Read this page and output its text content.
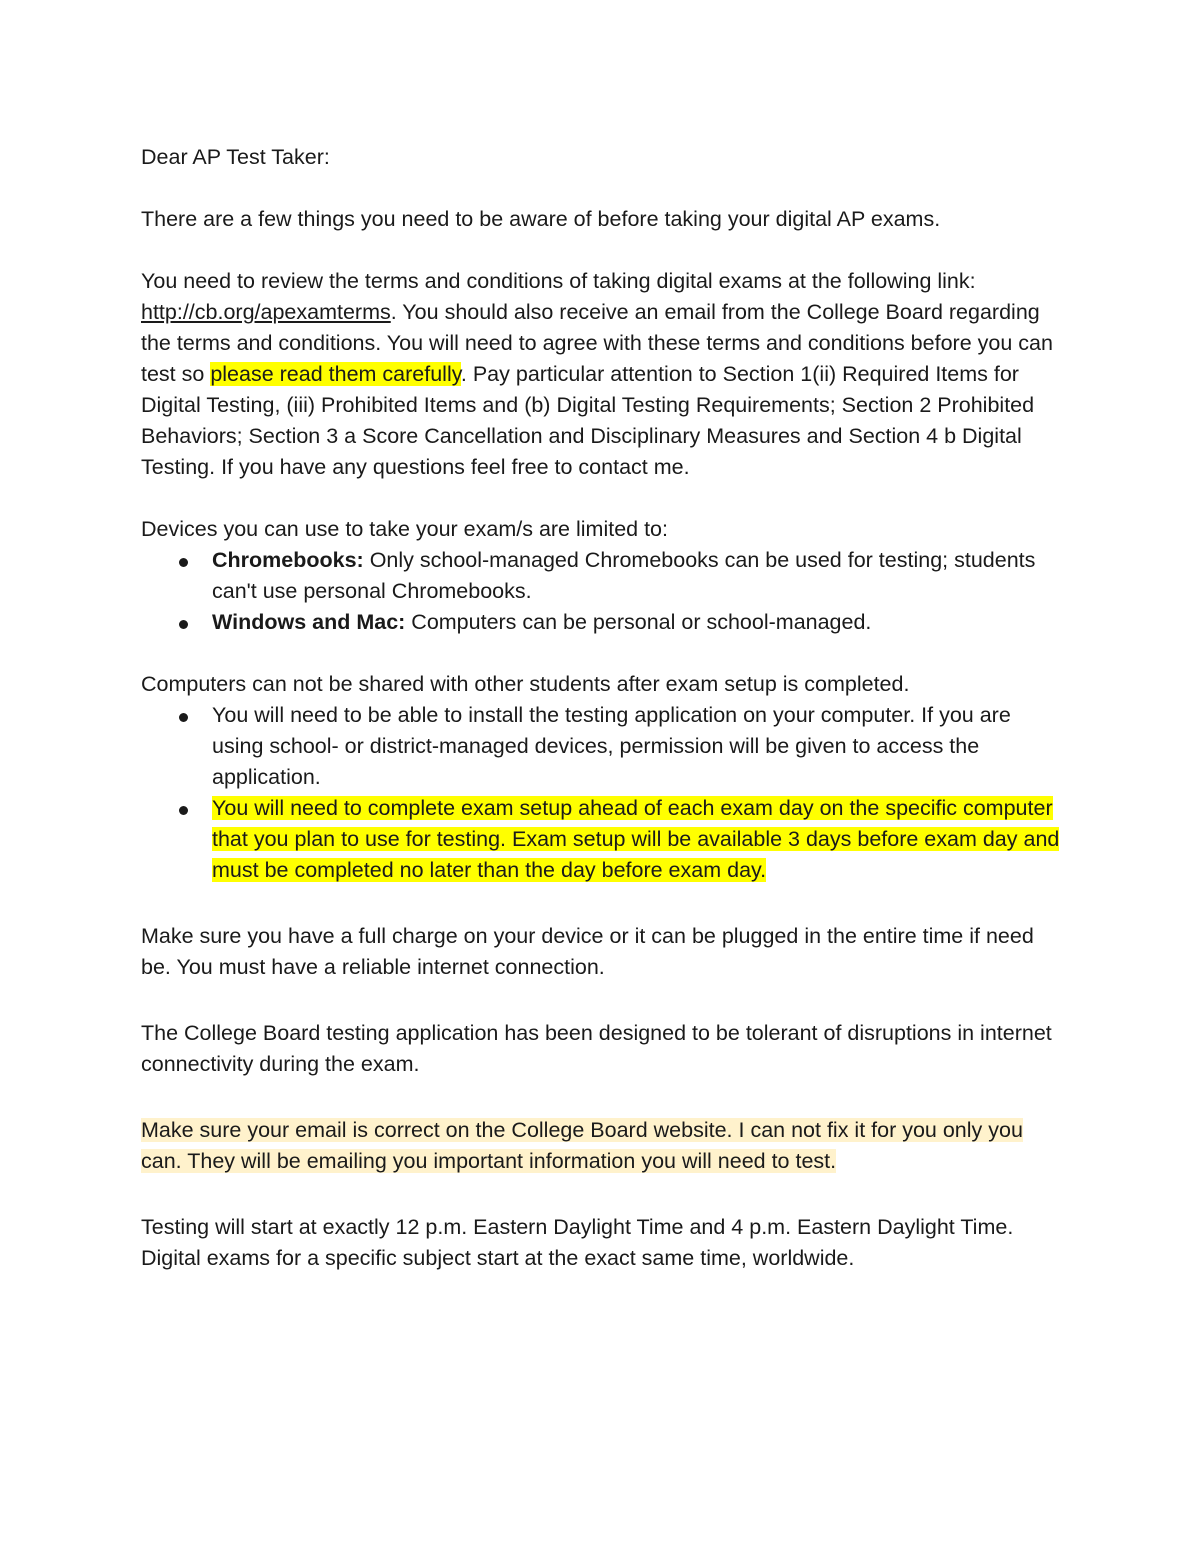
Dear AP Test Taker:

There are a few things you need to be aware of before taking your digital AP exams.

You need to review the terms and conditions of taking digital exams at the following link: http://cb.org/apexamterms. You should also receive an email from the College Board regarding the terms and conditions. You will need to agree with these terms and conditions before you can test so please read them carefully. Pay particular attention to Section 1(ii) Required Items for Digital Testing, (iii) Prohibited Items and (b) Digital Testing Requirements; Section 2 Prohibited Behaviors; Section 3 a Score Cancellation and Disciplinary Measures and Section 4 b Digital Testing. If you have any questions feel free to contact me.

Devices you can use to take your exam/s are limited to:

Chromebooks: Only school-managed Chromebooks can be used for testing; students can't use personal Chromebooks.
Windows and Mac: Computers can be personal or school-managed.

Computers can not be shared with other students after exam setup is completed.

You will need to be able to install the testing application on your computer. If you are using school- or district-managed devices, permission will be given to access the application.
You will need to complete exam setup ahead of each exam day on the specific computer that you plan to use for testing. Exam setup will be available 3 days before exam day and must be completed no later than the day before exam day.

Make sure you have a full charge on your device or it can be plugged in the entire time if need be. You must have a reliable internet connection.

The College Board testing application has been designed to be tolerant of disruptions in internet connectivity during the exam.

Make sure your email is correct on the College Board website. I can not fix it for you only you can. They will be emailing you important information you will need to test.

Testing will start at exactly 12 p.m. Eastern Daylight Time and 4 p.m. Eastern Daylight Time. Digital exams for a specific subject start at the exact same time, worldwide.
